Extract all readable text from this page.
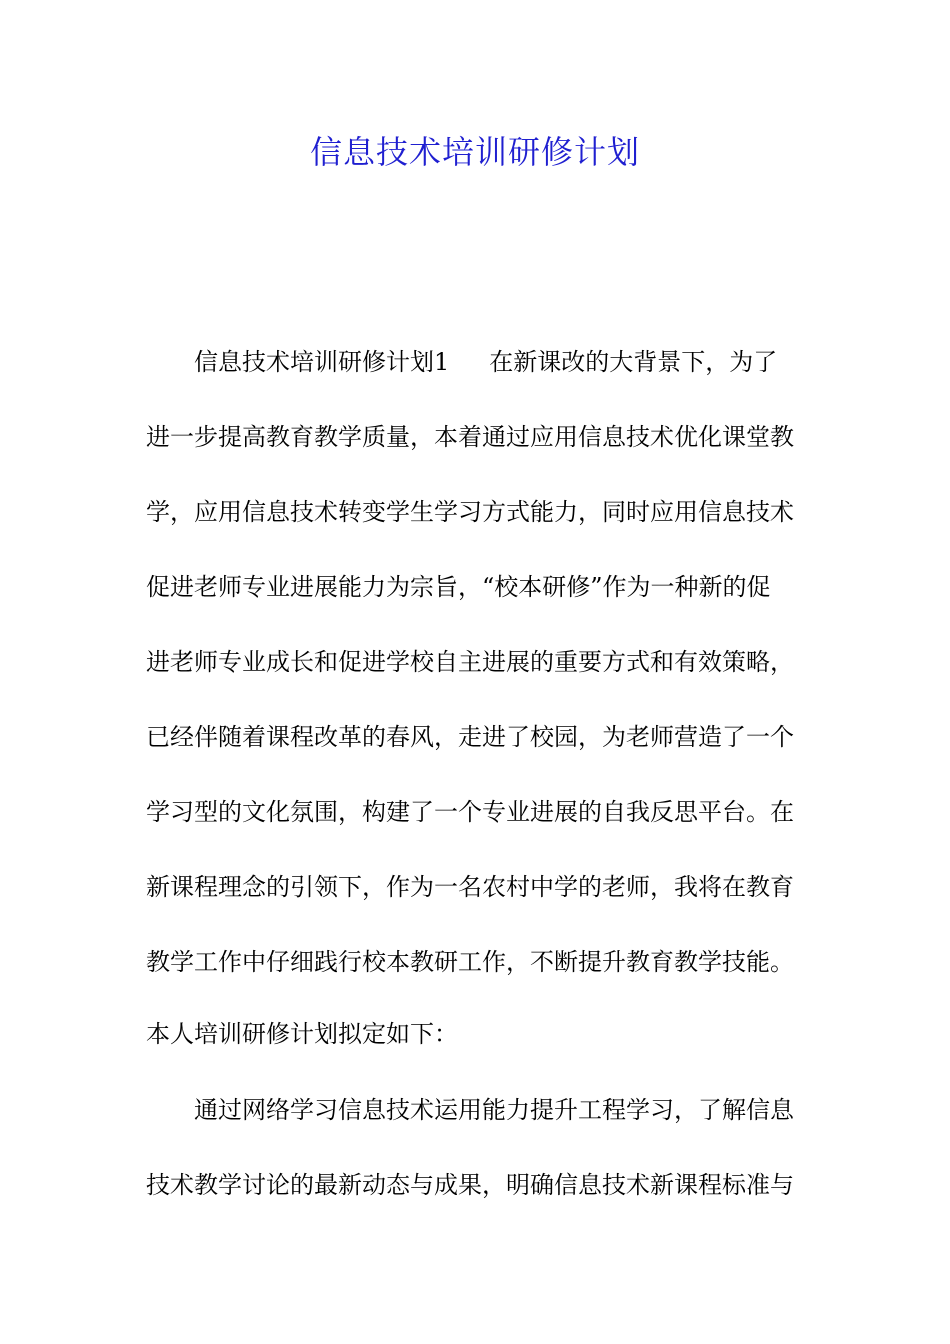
信息技术培训研修计划
信息技术培训研修计划1 在新课改的大背景下，为了
进一步提高教育教学质量，本着通过应用信息技术优化课堂教
学，应用信息技术转变学生学习方式能力，同时应用信息技术
促进老师专业进展能力为宗旨，“校本研修”作为一种新的促
进老师专业成长和促进学校自主进展的重要方式和有效策略，
已经伴随着课程改革的春风，走进了校园，为老师营造了一个
学习型的文化氛围，构建了一个专业进展的自我反思平台。在
新课程理念的引领下，作为一名农村中学的老师，我将在教育
教学工作中仔细践行校本教研工作，不断提升教育教学技能。
本人培训研修计划拟定如下：
通过网络学习信息技术运用能力提升工程学习，了解信息
技术教学讨论的最新动态与成果，明确信息技术新课程标准与
